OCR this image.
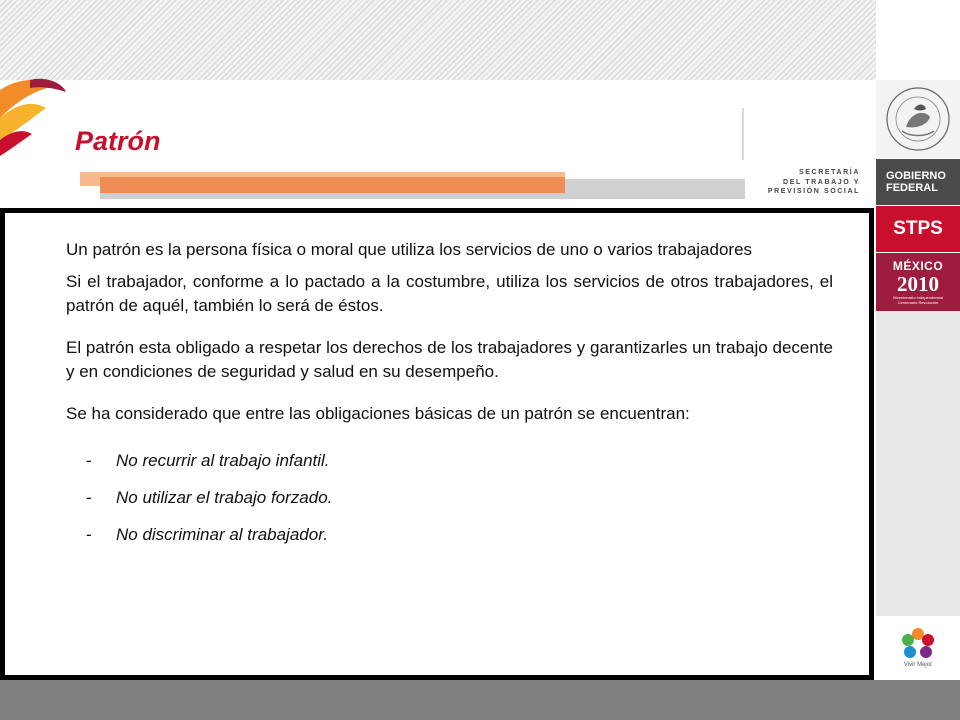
Patrón
SECRETARÍA
DEL TRABAJO Y
PREVISIÓN SOCIAL
GOBIERNO
FEDERAL
STPS
MÉXICO
2010
Bicentenario Independencia
Centenario Revolución
Vivir Mejor

Un patrón es la persona física o moral que utiliza los servicios de uno o varios trabajadores

Si el trabajador, conforme a lo pactado a la costumbre, utiliza los servicios de otros trabajadores, el patrón de aquél, también lo será de éstos.

El patrón esta obligado a respetar los derechos de los trabajadores y garantizarles un trabajo decente y en condiciones de seguridad y salud en su desempeño.

Se ha considerado que entre las obligaciones básicas de un patrón se encuentran:

- No recurrir al trabajo infantil.
- No utilizar el trabajo forzado.
- No discriminar al trabajador.
